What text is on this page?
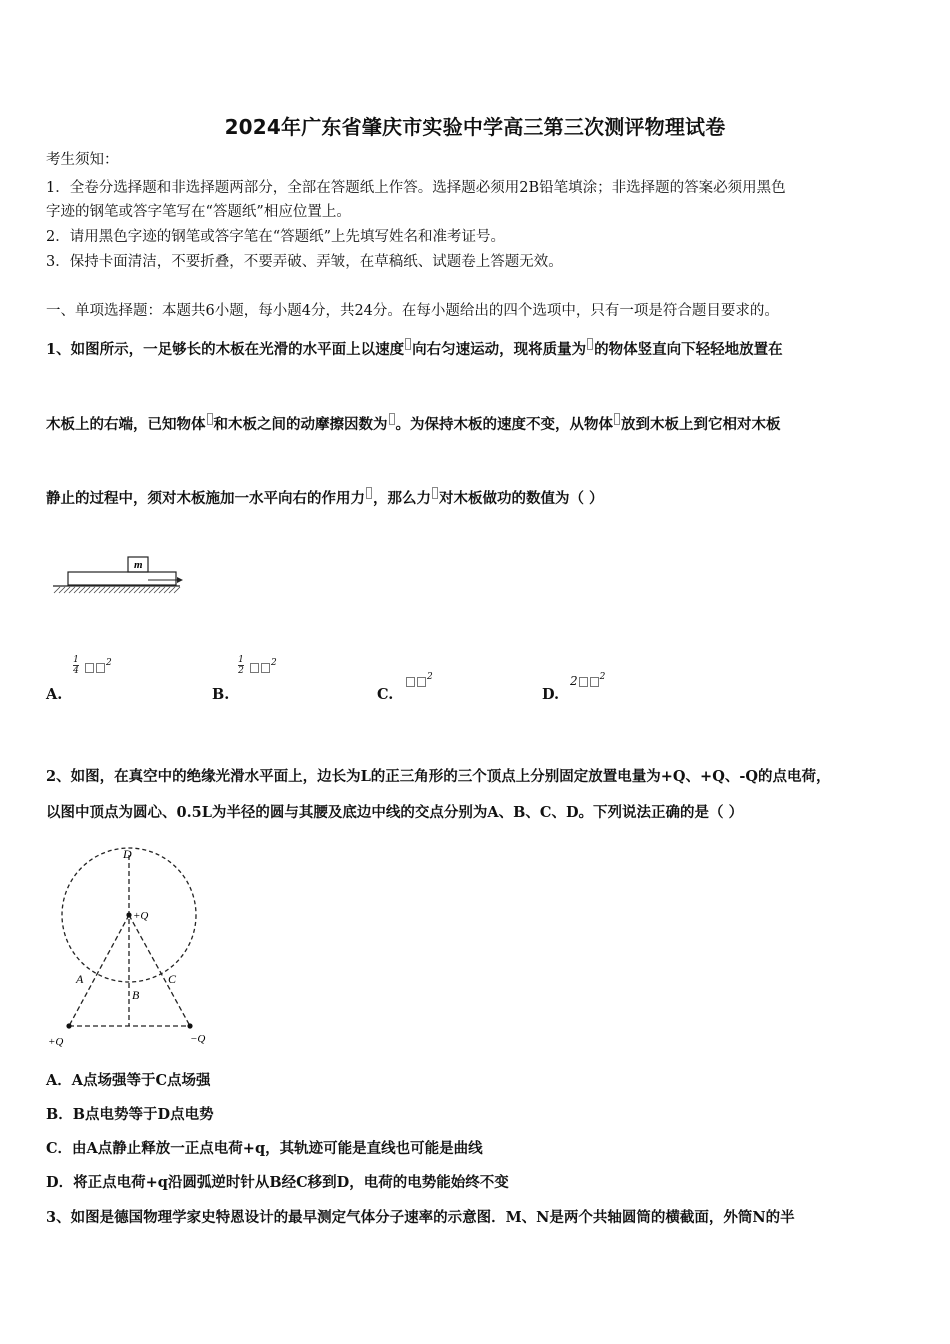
2024年广东省肇庆市实验中学高三第三次测评物理试卷
考生须知：
1．全卷分选择题和非选择题两部分，全部在答题纸上作答。选择题必须用2B铅笔填涂；非选择题的答案必须用黑色
字迹的钢笔或答字笔写在“答题纸”相应位置上。
2．请用黑色字迹的钢笔或答字笔在“答题纸”上先填写姓名和准考证号。
3．保持卡面清洁，不要折叠，不要弄破、弄皱，在草稿纸、试题卷上答题无效。
一、单项选择题：本题共6小题，每小题4分，共24分。在每小题给出的四个选项中，只有一项是符合题目要求的。
1、如图所示，一足够长的木板在光滑的水平面上以速度 向右匀速运动，现将质量为 的物体竖直向下轻轻地放置在
木板上的右端，已知物体 和木板之间的动摩擦因数为 。为保持木板的速度不变，从物体 放到木板上到它相对木板
静止的过程中，须对木板施加一水平向右的作用力 ，那么力 对木板做功的数值为（ ）
m
A.
1
4
$^2$
B.
1
2
$^2$
C.
$^2$
D.
2 $^2$
2、如图，在真空中的绝缘光滑水平面上，边长为L的正三角形的三个顶点上分别固定放置电量为+Q、+Q、-Q的点电荷，
以图中顶点为圆心、0.5L为半径的圆与其腰及底边中线的交点分别为A、B、C、D。下列说法正确的是（ ）
D
+Q
A
B
C
+Q	−Q
A．A点场强等于C点场强
B．B点电势等于D点电势
C．由A点静止释放一正点电荷+q，其轨迹可能是直线也可能是曲线
D．将正点电荷+q沿圆弧逆时针从B经C移到D，电荷的电势能始终不变
3、如图是德国物理学家史特恩设计的最早测定气体分子速率的示意图．M、N是两个共轴圆筒的横截面，外筒N的半
